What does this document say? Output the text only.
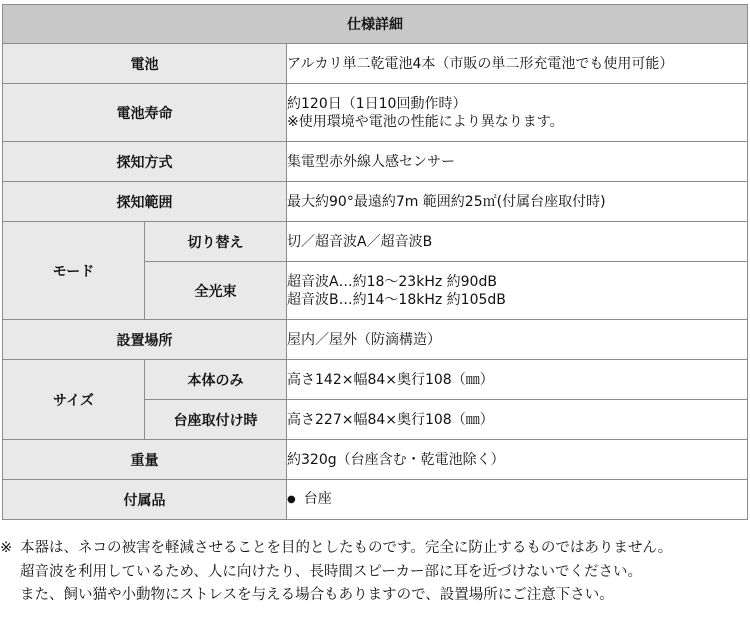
仕様詳細		
電池		アルカリ単二乾電池4本（市販の単二形充電池でも使用可能）
電池寿命		約120日（1日10回動作時）
※使用環境や電池の性能により異なります。

探知方式		集電型赤外線人感センサー
探知範囲		最大約90°最遠約7m 範囲約25㎡(付属台座取付時)
モード	切り替え	切／超音波A／超音波B
	全光束	超音波A…約18～23kHz 約90dB
超音波B…約14～18kHz 約105dB

設置場所		屋内／屋外（防滴構造）
サイズ	本体のみ	高さ142×幅84×奥行108（㎜）
	台座取付け時	高さ227×幅84×奥行108（㎜）
重量		約320g（台座含む・乾電池除く）
付属品		● 台座
※ 本器は、ネコの被害を軽減させることを目的としたものです。完全に防止するものではありません。
超音波を利用しているため、人に向けたり、長時間スピーカー部に耳を近づけないでください。
また、飼い猫や小動物にストレスを与える場合もありますので、設置場所にご注意下さい。
